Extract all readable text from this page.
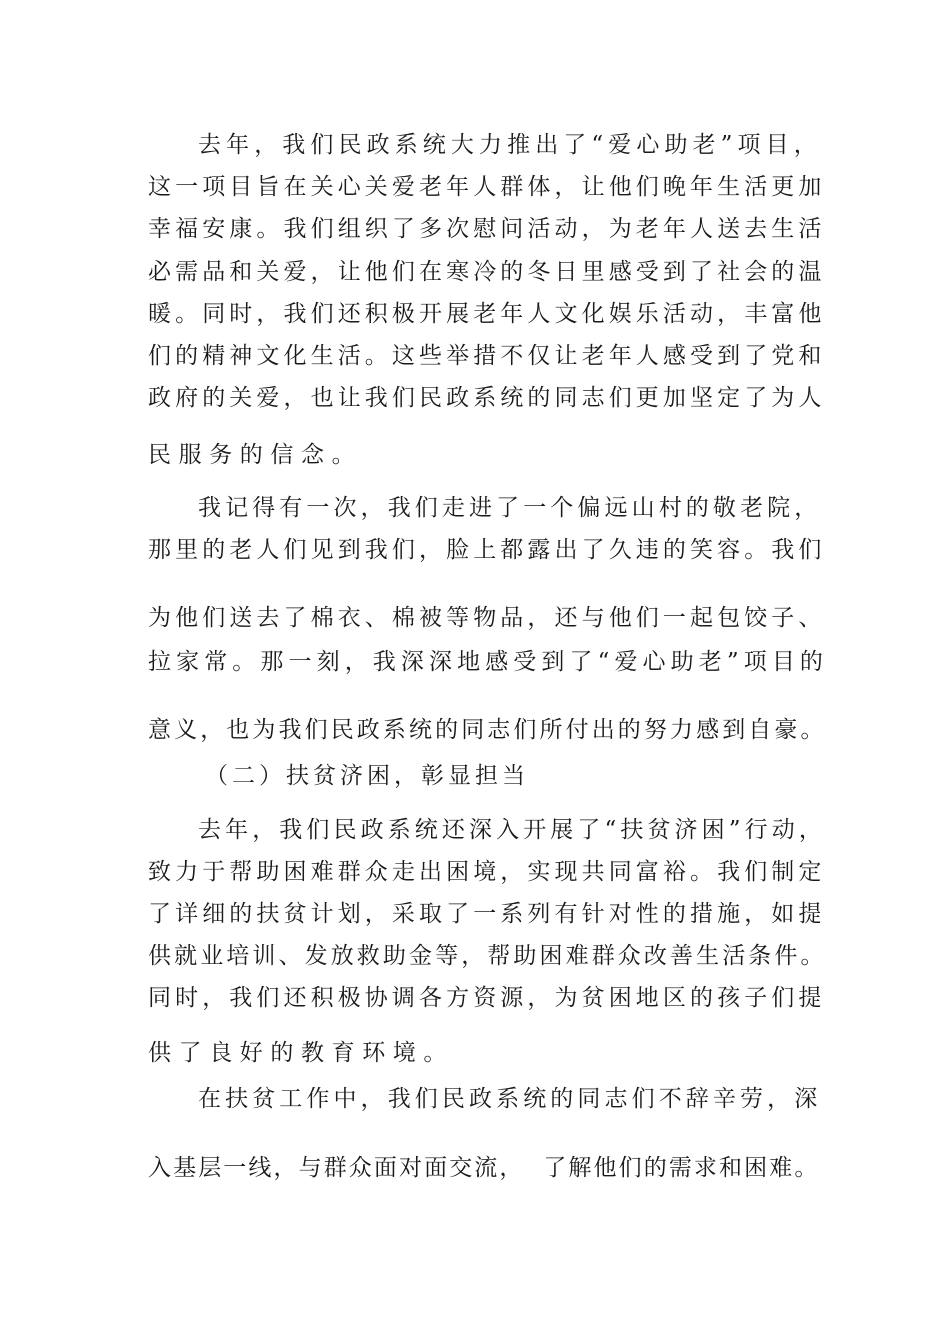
去年，我们民政系统大力推出了“爱心助老”项目，
这一项目旨在关心关爱老年人群体，让他们晚年生活更加
幸福安康。我们组织了多次慰问活动，为老年人送去生活
必需品和关爱，让他们在寒冷的冬日里感受到了社会的温
暖。同时，我们还积极开展老年人文化娱乐活动，丰富他
们的精神文化生活。这些举措不仅让老年人感受到了党和
政府的关爱，也让我们民政系统的同志们更加坚定了为人
民服务的信念。
我记得有一次，我们走进了一个偏远山村的敬老院，
那里的老人们见到我们，脸上都露出了久违的笑容。我们
为他们送去了棉衣、棉被等物品，还与他们一起包饺子、
拉家常。那一刻，我深深地感受到了“爱心助老”项目的
意义，也为我们民政系统的同志们所付出的努力感到自豪。
（二）扶贫济困，彰显担当
去年，我们民政系统还深入开展了“扶贫济困”行动，
致力于帮助困难群众走出困境，实现共同富裕。我们制定
了详细的扶贫计划，采取了一系列有针对性的措施，如提
供就业培训、发放救助金等，帮助困难群众改善生活条件。
同时，我们还积极协调各方资源，为贫困地区的孩子们提
供了良好的教育环境。
在扶贫工作中，我们民政系统的同志们不辞辛劳，深
入基层一线，与群众面对面交流，  了解他们的需求和困难。
